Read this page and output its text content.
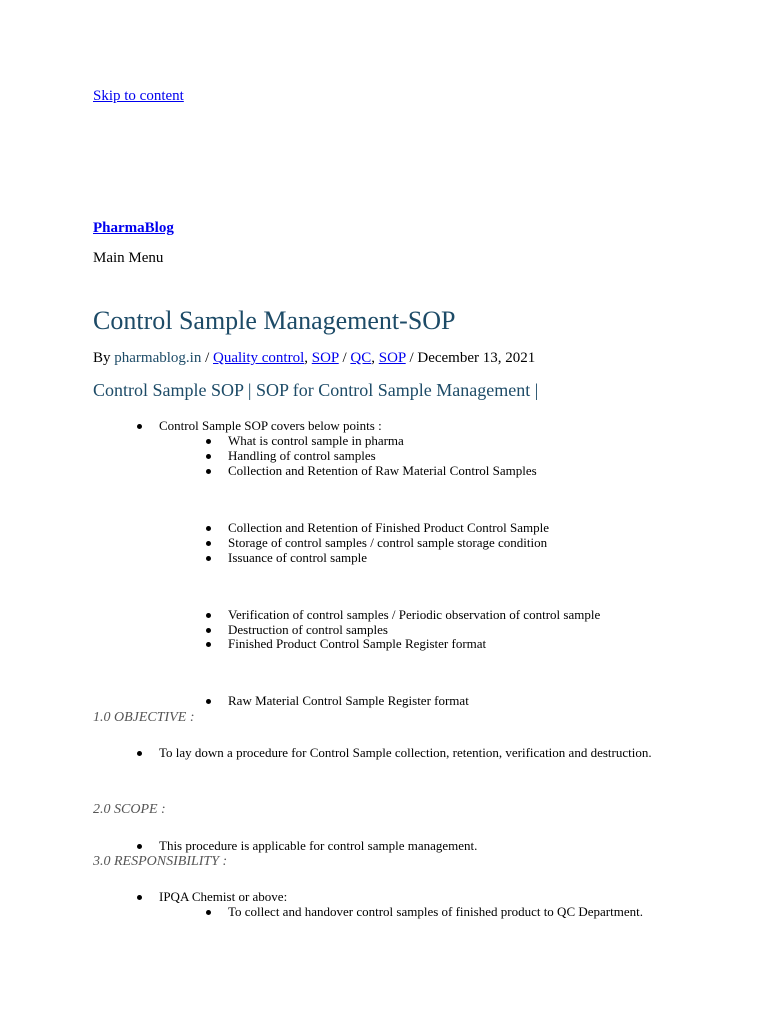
Skip to content
PharmaBlog
Main Menu
Control Sample Management-SOP
By pharmablog.in / Quality control, SOP / QC, SOP / December 13, 2021
Control Sample SOP | SOP for Control Sample Management |
Control Sample SOP covers below points :
What is control sample in pharma
Handling of control samples
Collection and Retention of Raw Material Control Samples
Collection and Retention of Finished Product Control Sample
Storage of control samples / control sample storage condition
Issuance of control sample
Verification of control samples / Periodic observation of control sample
Destruction of control samples
Finished Product Control Sample Register format
Raw Material Control Sample Register format
1.0 OBJECTIVE :
To lay down a procedure for Control Sample collection, retention, verification and destruction.
2.0 SCOPE :
This procedure is applicable for control sample management.
3.0 RESPONSIBILITY :
IPQA Chemist or above:
To collect and handover control samples of finished product to QC Department.
